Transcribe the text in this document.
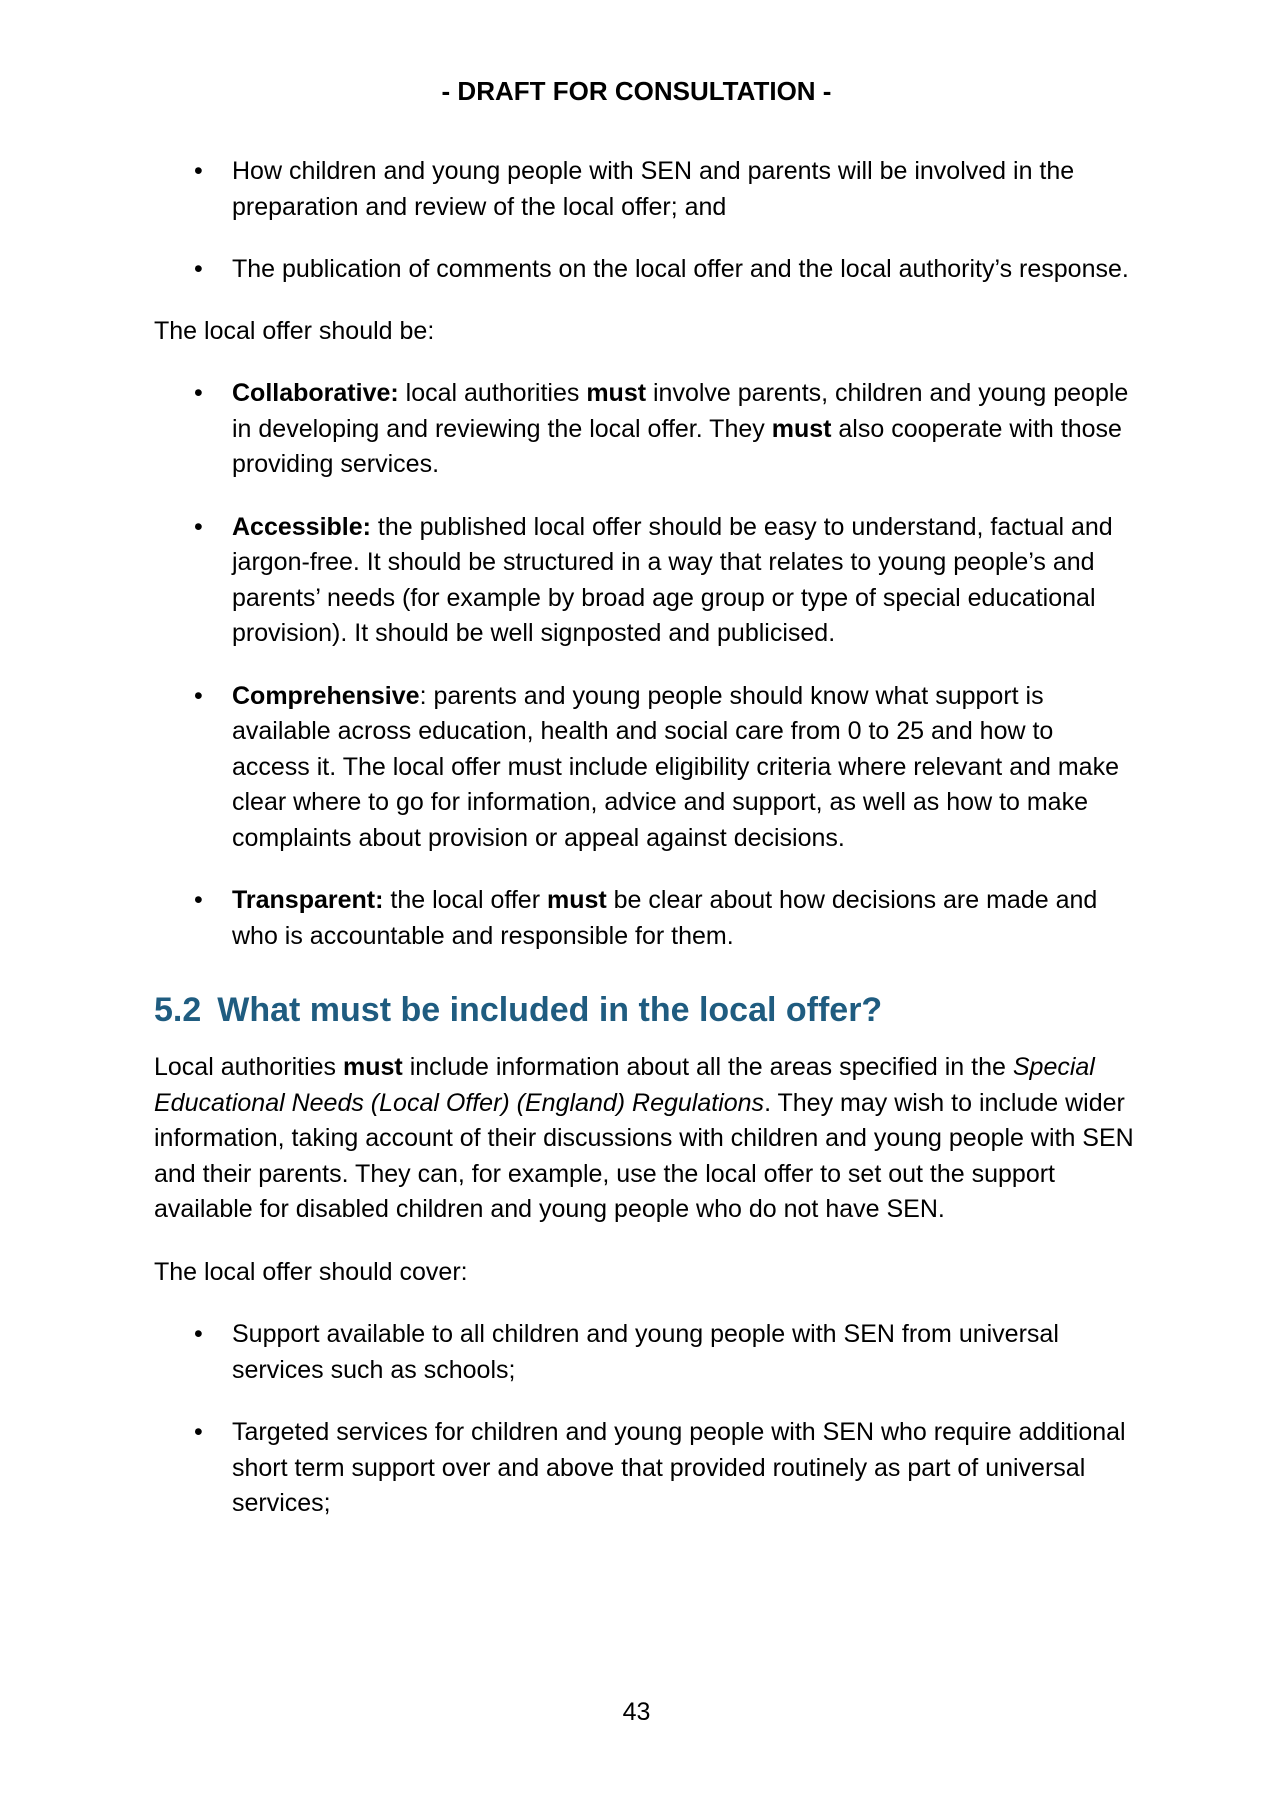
- DRAFT FOR CONSULTATION -
• How children and young people with SEN and parents will be involved in the preparation and review of the local offer; and
• The publication of comments on the local offer and the local authority’s response.

The local offer should be:

• Collaborative: local authorities must involve parents, children and young people in developing and reviewing the local offer. They must also cooperate with those providing services.
• Accessible: the published local offer should be easy to understand, factual and jargon-free. It should be structured in a way that relates to young people’s and parents’ needs (for example by broad age group or type of special educational provision). It should be well signposted and publicised.
• Comprehensive: parents and young people should know what support is available across education, health and social care from 0 to 25 and how to access it. The local offer must include eligibility criteria where relevant and make clear where to go for information, advice and support, as well as how to make complaints about provision or appeal against decisions.
• Transparent: the local offer must be clear about how decisions are made and who is accountable and responsible for them.
5.2 What must be included in the local offer?

Local authorities must include information about all the areas specified in the Special Educational Needs (Local Offer) (England) Regulations. They may wish to include wider information, taking account of their discussions with children and young people with SEN and their parents. They can, for example, use the local offer to set out the support available for disabled children and young people who do not have SEN.

The local offer should cover:

• Support available to all children and young people with SEN from universal services such as schools;
• Targeted services for children and young people with SEN who require additional short term support over and above that provided routinely as part of universal services;
43
